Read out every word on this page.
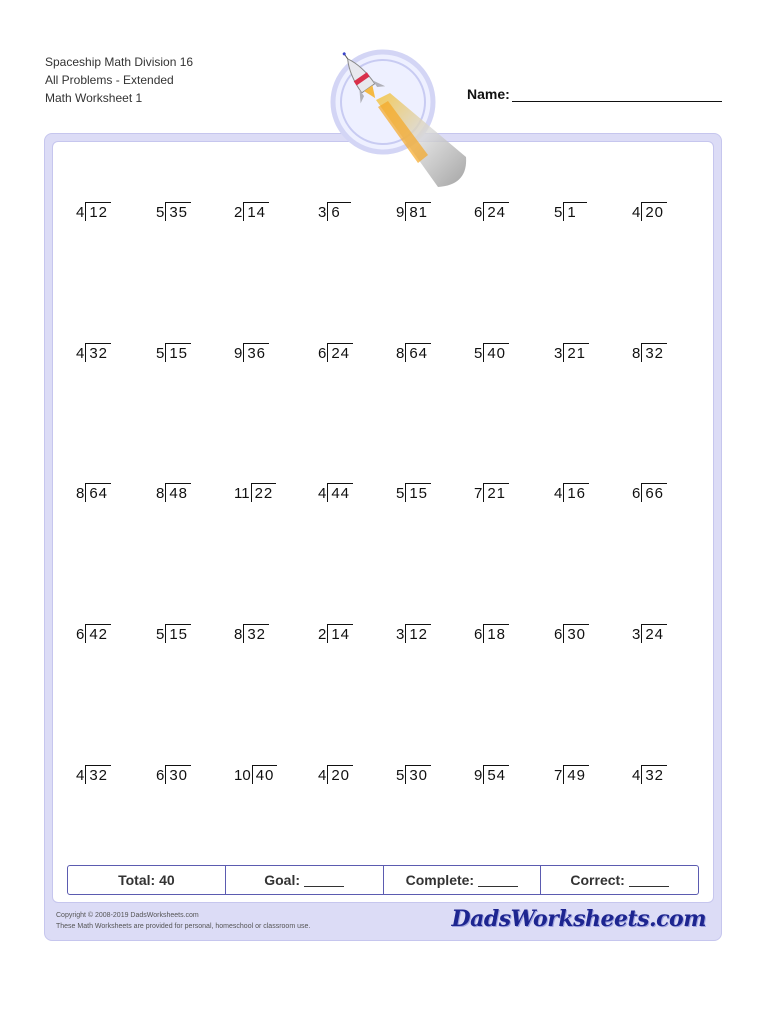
Spaceship Math Division 16
All Problems - Extended
Math Worksheet 1	Name:
4 12	5 35	2 14	3 6	9 81	6 24	5 1	4 20
4 32	5 15	9 36	6 24	8 64	5 40	3 21	8 32
8 64	8 48	11 22	4 44	5 15	7 21	4 16	6 66
6 42	5 15	8 32	2 14	3 12	6 18	6 30	3 24
4 32	6 30	10 40	4 20	5 30	9 54	7 49	4 32
Total: 40	Goal:	Complete:	Correct:
Copyright © 2008-2019 DadsWorksheets.com
These Math Worksheets are provided for personal, homeschool or classroom use.	DadsWorksheets.com
